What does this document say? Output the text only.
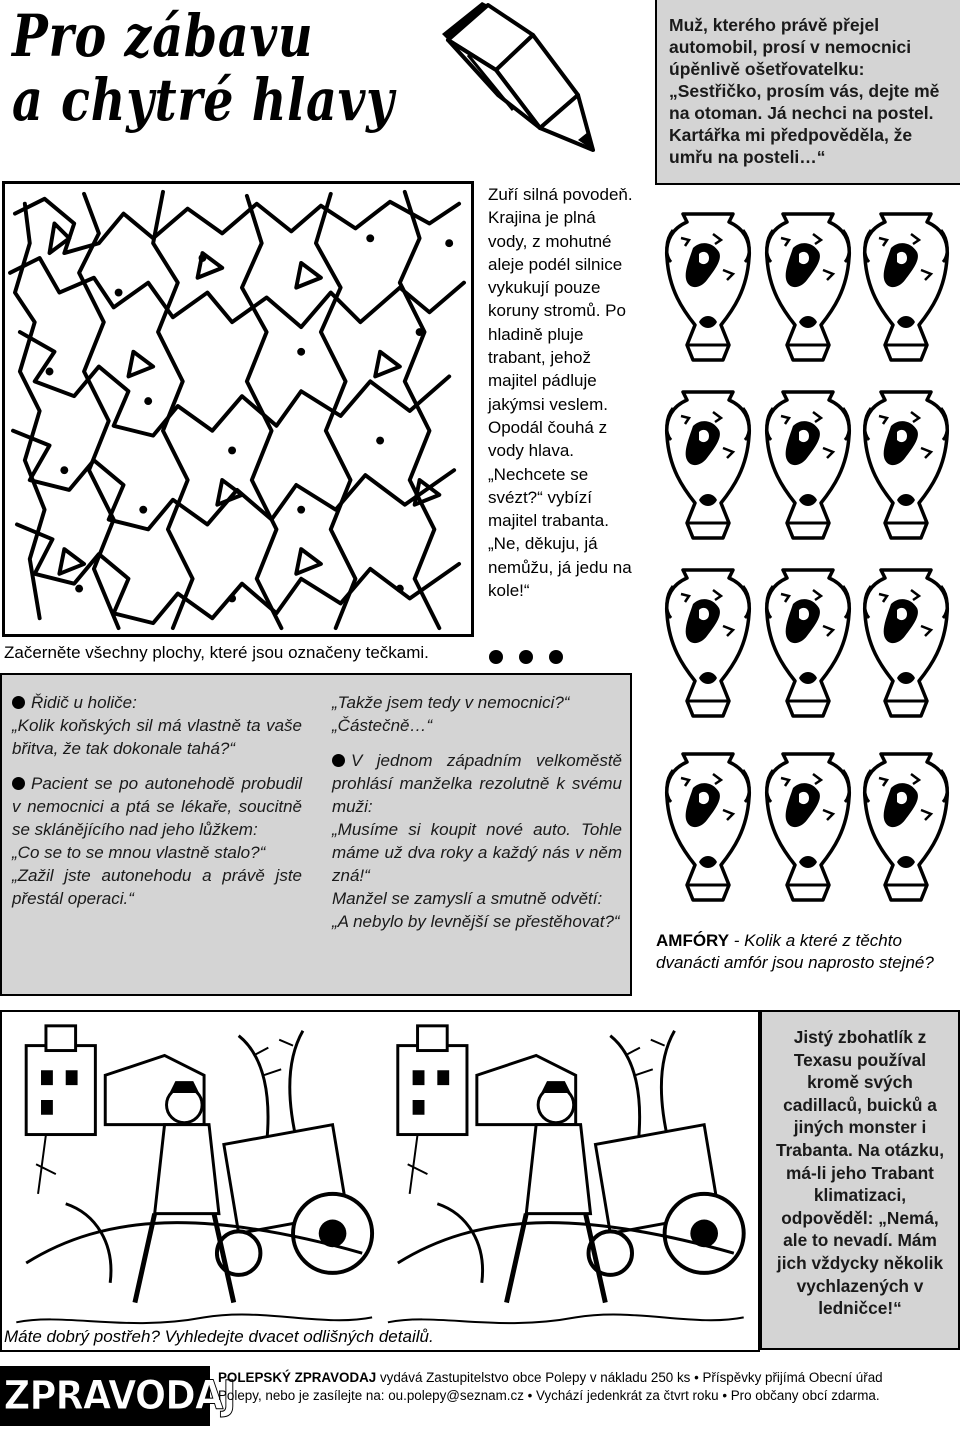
Pro zábavu
a chytré hlavy

Muž, kterého právě přejel automobil, prosí v nemocnici úpěnlivě ošetřovatelku: „Sestřičko, prosím vás, dejte mě na otoman. Já nechci na postel. Kartářka mi předpověděla, že umřu na posteli…“

Začerněte všechny plochy, které jsou označeny tečkami.

Zuří silná povodeň. Krajina je plná vody, z mohutné aleje podél silnice vykukují pouze koruny stromů. Po hladině pluje trabant, jehož majitel pádluje jakýmsi veslem. Opodál čouhá z vody hlava. „Nechcete se svézt?“ vybízí majitel trabanta. „Ne, děkuju, já nemůžu, já jedu na kole!“

AMFÓRY - Kolik a které z těchto dvanácti amfór jsou naprosto stejné?

Řidič u holiče:

„Kolik koňských sil má vlastně ta vaše břitva, že tak dokonale tahá?“

Pacient se po autonehodě probudil v nemocnici a ptá se lékaře, soucitně se sklánějícího nad jeho lůžkem:

„Co se to se mnou vlastně stalo?“

„Zažil jste autonehodu a právě jste přestál operaci.“

„Takže jsem tedy v nemocnici?“

„Částečně…“

V jednom západním velkoměstě prohlásí manželka rezolutně k svému muži:

„Musíme si koupit nové auto. Tohle máme už dva roky a každý nás v něm zná!“

Manžel se zamyslí a smutně odvětí:

„A nebylo by levnější se přestěhovat?“

Máte dobrý postřeh? Vyhledejte dvacet odlišných detailů.

Jistý zbohatlík z Texasu používal kromě svých cadillaců, buicků a jiných monster i Trabanta. Na otázku, má-li jeho Trabant klimatizaci, odpověděl: „Nemá, ale to nevadí. Mám jich vždycky několik vychlazených v ledničce!“

ZPRAVODAJ
POLEPSKÝ ZPRAVODAJ vydává Zastupitelstvo obce Polepy v nákladu 250 ks • Příspěvky přijímá Obecní úřad
Polepy, nebo je zasílejte na: ou.polepy@seznam.cz • Vychází jedenkrát za čtvrt roku • Pro občany obcí zdarma.
